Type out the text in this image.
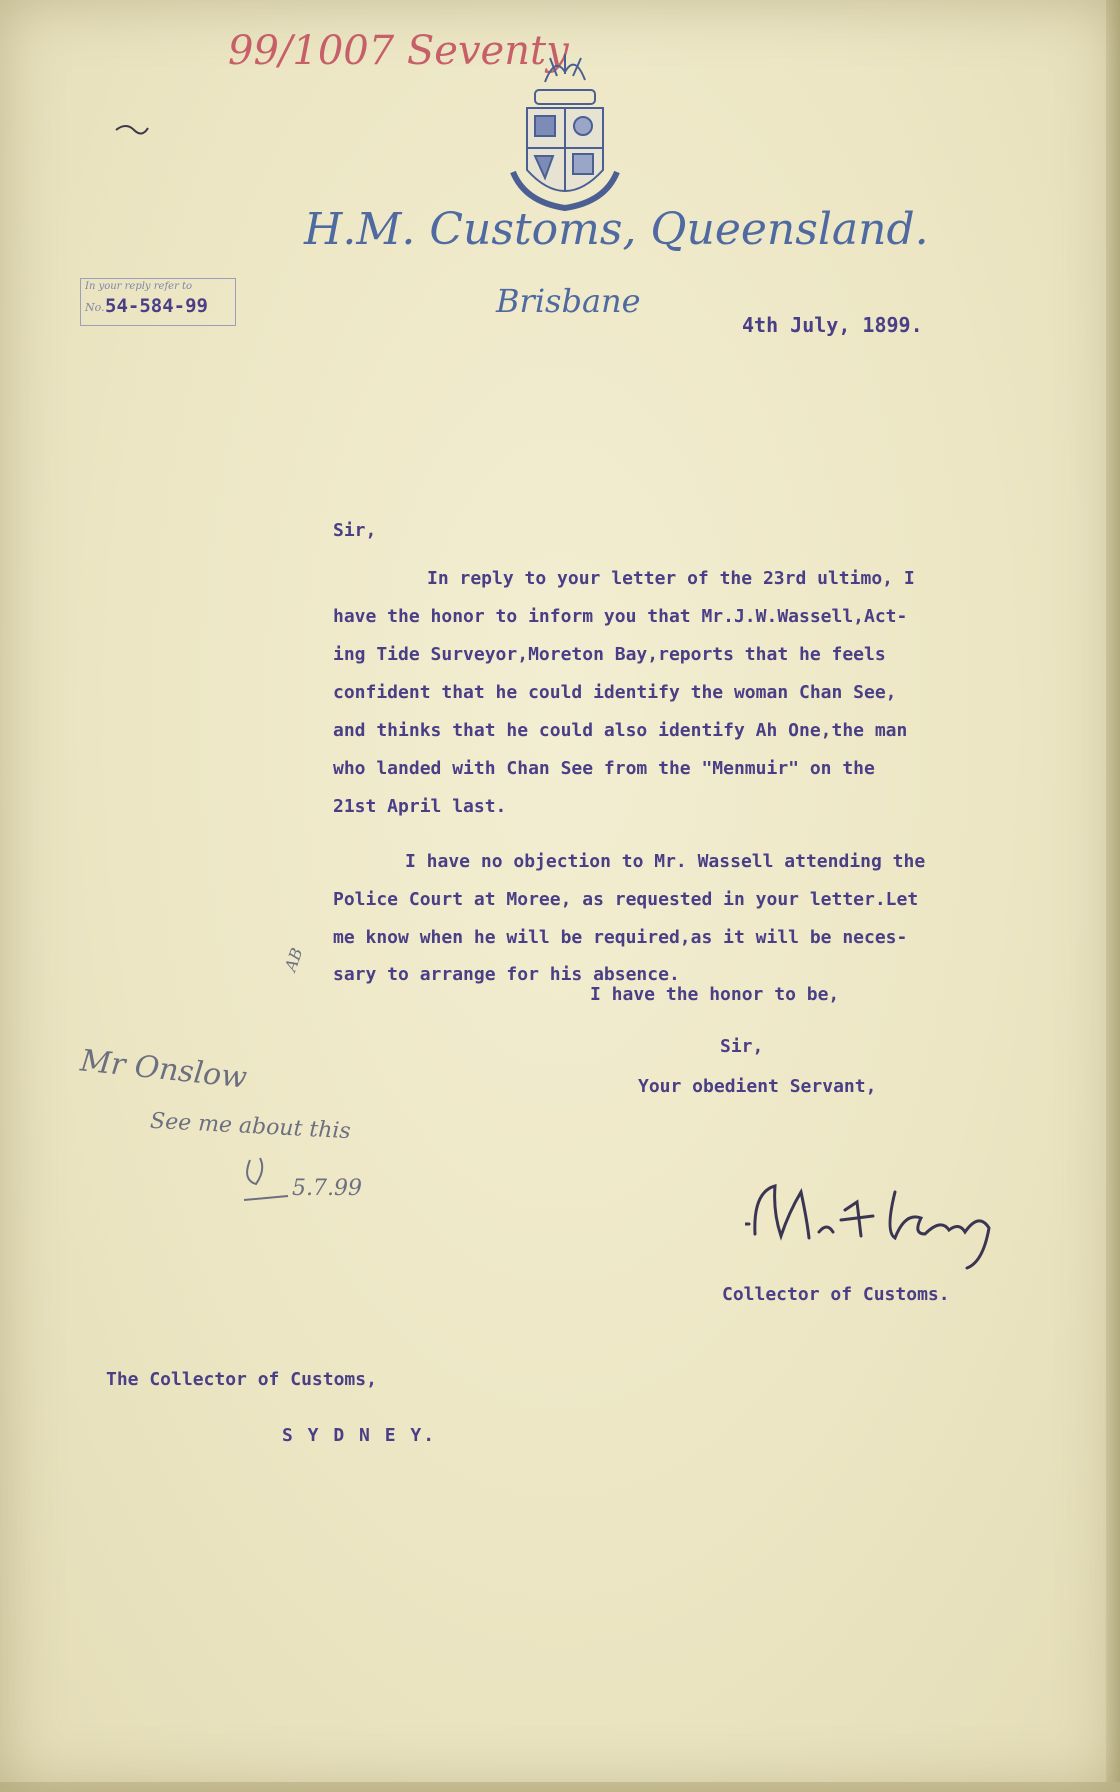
99/1007 Seventy
H.M. Customs, Queensland.
In your reply refer to
No. 54-584-99	Brisbane
4th July, 1899.
Sir,
In reply to your letter of the 23rd ultimo, I
have the honor to inform you that Mr.J.W.Wassell,Act-
ing Tide Surveyor,Moreton Bay,reports that he feels
confident that he could identify the woman Chan See,
and thinks that he could also identify Ah One,the man
who landed with Chan See from the "Menmuir" on the
21st April last.
I have no objection to Mr. Wassell attending the
Police Court at Moree, as requested in your letter.Let
me know when he will be required,as it will be neces-
sary to arrange for his absence.
I have the honor to be,
Sir,
Your obedient Servant,
Collector of Customs.
The Collector of Customs,
S Y D N E Y.
AB
Mr Onslow
See me about this
5.7.99
